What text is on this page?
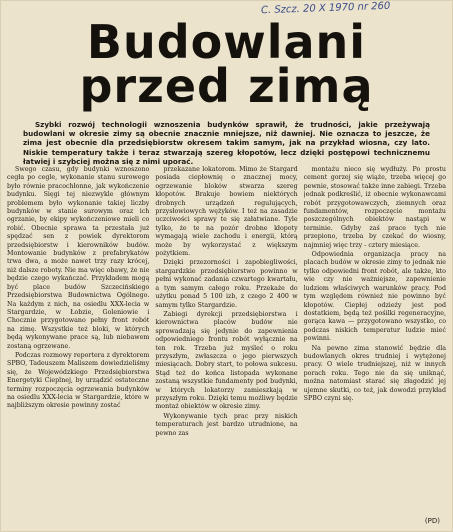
C. Szcz. 20 X 1970 nr 260
Budowlani
przed zimą
Szybki rozwój technologii wznoszenia budynków sprawił, że trudności, jakie przeżywają budowlani w okresie zimy są obecnie znacznie mniejsze, niż dawniej. Nie oznacza to jeszcze, że zima jest obecnie dla przedsiębiorstw okresem takim samym, jak na przykład wiosna, czy lato. Niskie temperatury także i teraz stwarzają szereg kłopotów, lecz dzięki postępowi technicznemu łatwiej i szybciej można się z nimi uporać.

Swego czasu, gdy budynki wznoszono cegła po cegle, wykonanie stanu surowego było równie pracochłonne, jak wykończenie budynku. Sięgi tej niezwykle głównym problemem było wykonanie takiej liczby budynków w stanie surowym oraz ich ogrzanie, by ekipy wykończeniowe mieli co robić. Obecnie sprawa ta przestała już spędzać sen z powiek dyrektorom przedsiębiorstw i kierowników budów. Montowanie budynków z prefabrykatów trwa dwa, a może nawet trzy razy krócej, niż dalsze roboty. Nie ma więc obawy, że nie będzie czego wykańczać. Przykładem mogą być place budów Szczecińskiego Przedsiębiorstwa Budownictwa Ogólnego. Na każdym z nich, na osiedlu XXX-lecia w Stargardzie, w Łobzie, Goleniowie i Chocznie przygotowano pełny front robót na zimę. Wszystkie też bloki, w których będą wykonywane prace są, lub niebawem zostaną ogrzewane.

Podczas rozmowy reportera z dyrektorem SPBO, Tadeuszem Maliszem dowiedzieliśmy się, że Wojewódzkiego Przedsiębiorstwa Energetyki Cieplnej, by urządzić ostateczne terminy rozpoczęcia ogrzewania budynków na osiedlu XXX-lecia w Stargardzie, które w najbliższym okresie powinny zostać

przekazane lokatorom. Mimo że Stargard posiada ciepłownię o znacznej mocy, ogrzewanie bloków stwarza szereg kłopotów. Brakuje bowiem niektórych drobnych urządzeń regulujących, przysłowiowych wężyków. I też na zasadzie uczciwości sprawy te się załatwiane. Tyle tylko, że te na pozór drobne kłopoty wymagają wiele zachodu i energii, którą może by wykorzystać z większym pożytkiem.

Dzięki przezorności i zapobiegliwości, stargardzkie przedsiębiorstwo powinno w pełni wykonać zadania czwartego kwartału, a tym samym całego roku. Przekaże do użytku ponad 5 100 izb, z czego 2 400 w samym tylko Stargardzie.

Zabiegi dyrekcji przedsiębiorstwa i kierownictwa placów budów nie sprowadzają się jedynie do zapewnienia odpowiedniego frontu robót wyłącznie na ten rok. Trzeba już myśleć o roku przyszłym, zwłaszcza o jego pierwszych miesiącach. Dobry start, to połowa sukcesu. Stąd też do końca listopada wykonane zostaną wszystkie fundamenty pod budynki, w których lokatorzy zamieszkają w przyszłym roku. Dzięki temu możliwy będzie montaż obiektów w okresie zimy.

Wykonywanie tych prac przy niskich temperaturach jest bardzo utrudnione, na pewno zas

montażu nieco się wydłuży. Po prostu cement gorzej się wiąże, trzeba więcej go pewnie, stosować także inne zabiegi. Trzeba jednak podkreślić, iż obecnie wykonawcami robót przygotowawczych, ziemnych oraz fundamentów, rozpoczęcie montażu poszczególnych obiektów nastąpi w terminie. Gdyby zaś prace tych nie przepiono, trzeba by czekać do wiosny, najmniej więc trzy - cztery miesiące.

Odpowiednia organizacja pracy na placach budów w okresie zimy to jednak nie tylko odpowiedni front robót, ale także, kto wie czy nie ważniejsze, zapewnienie ludziom właściwych warunków pracy. Pod tym względem również nie powinno być kłopotów. Ciepłej odzieży jest pod dostatkiem, będą też pośilki regeneracyjne, gorąca kawa — przygotowano wszystko, co podczas niskich temperatur ludzie mieć powinni.

Na pewno zima stanowić będzie dla budowlanych okres trudniej i wytężonej pracy. O wiele trudniejszej, niż w innych porach roku. Tego nie da się uniknąć, można natomiast starać się złagodzić jej ujemne skutki, co też, jak dowodzi przykład SPBO czyni się.

(PD)
